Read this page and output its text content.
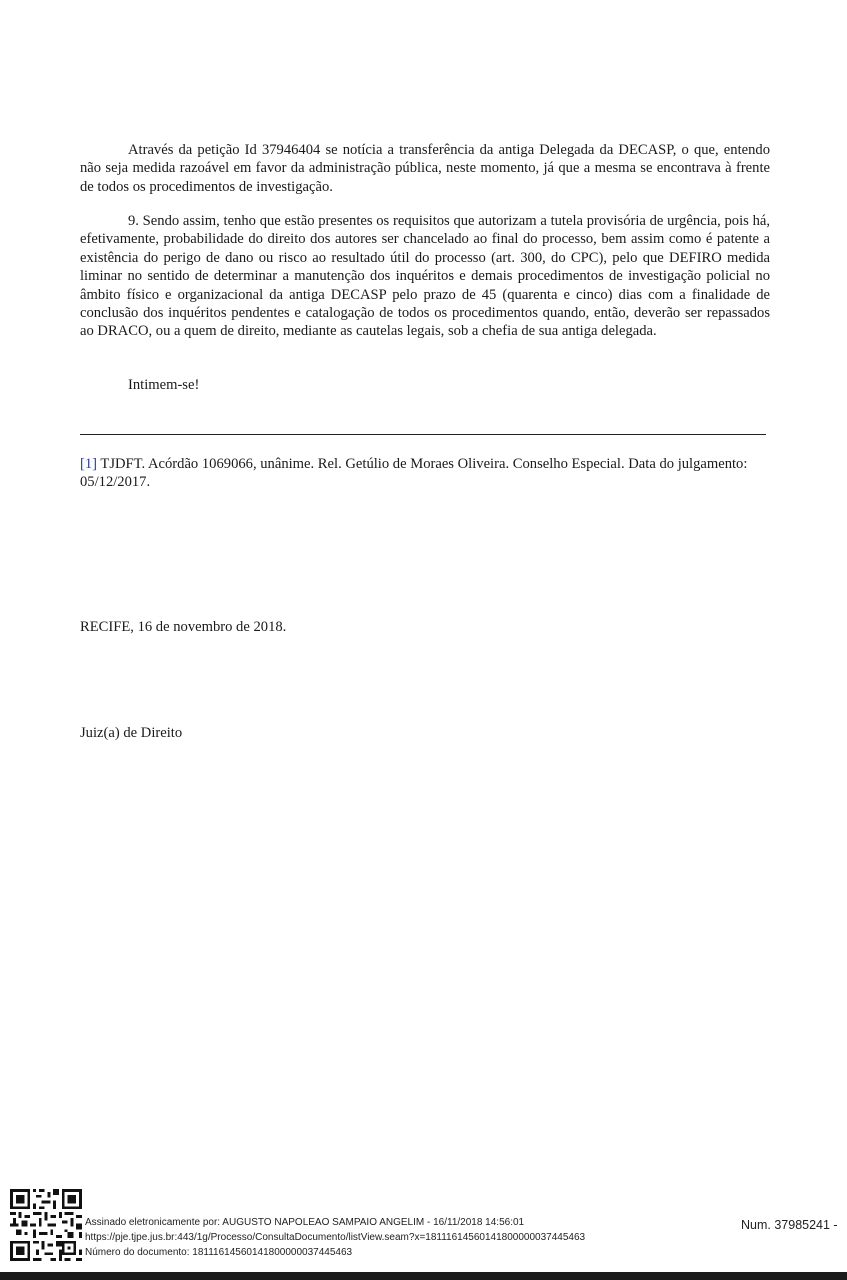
Através da petição Id 37946404 se notícia a transferência da antiga Delegada da DECASP, o que, entendo não seja medida razoável em favor da administração pública, neste momento, já que a mesma se encontrava à frente de todos os procedimentos de investigação.

9. Sendo assim, tenho que estão presentes os requisitos que autorizam a tutela provisória de urgência, pois há, efetivamente, probabilidade do direito dos autores ser chancelado ao final do processo, bem assim como é patente a existência do perigo de dano ou risco ao resultado útil do processo (art. 300, do CPC), pelo que DEFIRO medida liminar no sentido de determinar a manutenção dos inquéritos e demais procedimentos de investigação policial no âmbito físico e organizacional da antiga DECASP pelo prazo de 45 (quarenta e cinco) dias com a finalidade de conclusão dos inquéritos pendentes e catalogação de todos os procedimentos quando, então, deverão ser repassados ao DRACO, ou a quem de direito, mediante as cautelas legais, sob a chefia de sua antiga delegada.

Intimem-se!

[1] TJDFT. Acórdão 1069066, unânime. Rel. Getúlio de Moraes Oliveira. Conselho Especial. Data do julgamento: 05/12/2017.

RECIFE, 16 de novembro de 2018.
Juiz(a) de Direito
Assinado eletronicamente por: AUGUSTO NAPOLEAO SAMPAIO ANGELIM - 16/11/2018 14:56:01
https://pje.tjpe.jus.br:443/1g/Processo/ConsultaDocumento/listView.seam?x=18111614560141800000037445463
Número do documento: 18111614560141800000037445463
Num. 37985241 -
